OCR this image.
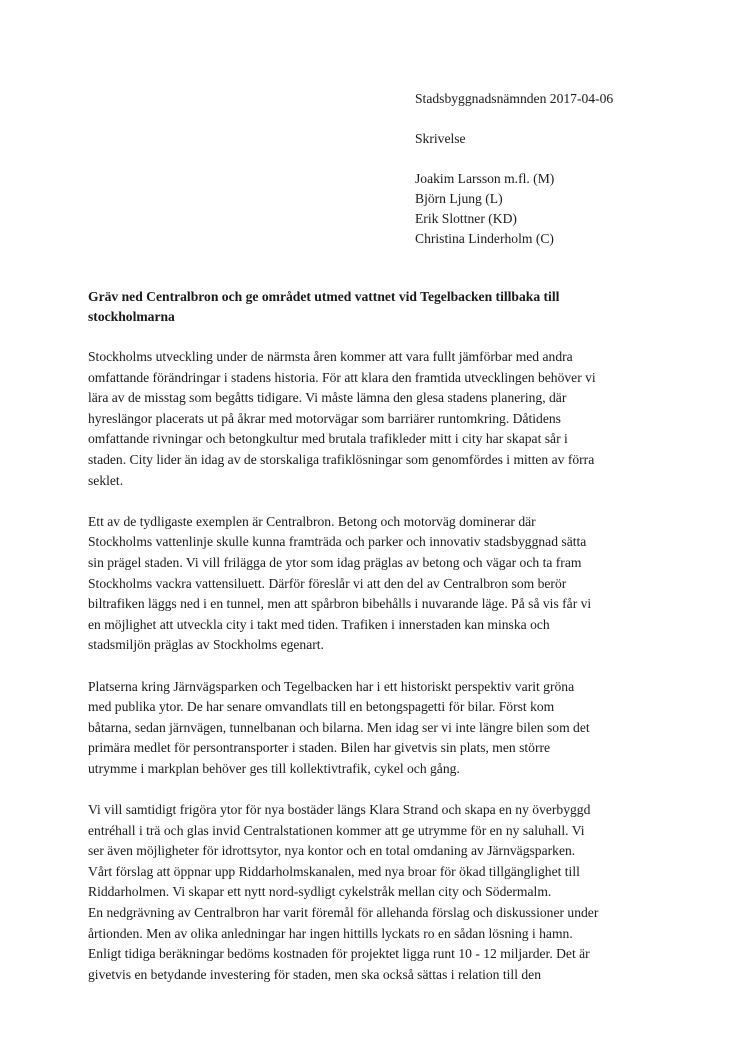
Stadsbyggnadsnämnden 2017-04-06
Skrivelse
Joakim Larsson m.fl. (M)
Björn Ljung (L)
Erik Slottner (KD)
Christina Linderholm (C)
Gräv ned Centralbron och ge området utmed vattnet vid Tegelbacken tillbaka till
stockholmarna
Stockholms utveckling under de närmsta åren kommer att vara fullt jämförbar med andra
omfattande förändringar i stadens historia. För att klara den framtida utvecklingen behöver vi
lära av de misstag som begåtts tidigare. Vi måste lämna den glesa stadens planering, där
hyreslängor placerats ut på åkrar med motorvägar som barriärer runtomkring. Dåtidens
omfattande rivningar och betongkultur med brutala trafikleder mitt i city har skapat sår i
staden. City lider än idag av de storskaliga trafiklösningar som genomfördes i mitten av förra
seklet.
Ett av de tydligaste exemplen är Centralbron. Betong och motorväg dominerar där
Stockholms vattenlinje skulle kunna framträda och parker och innovativ stadsbyggnad sätta
sin prägel staden. Vi vill frilägga de ytor som idag präglas av betong och vägar och ta fram
Stockholms vackra vattensiluett. Därför föreslår vi att den del av Centralbron som berör
biltrafiken läggs ned i en tunnel, men att spårbron bibehålls i nuvarande läge. På så vis får vi
en möjlighet att utveckla city i takt med tiden. Trafiken i innerstaden kan minska och
stadsmiljön präglas av Stockholms egenart.
Platserna kring Järnvägsparken och Tegelbacken har i ett historiskt perspektiv varit gröna
med publika ytor. De har senare omvandlats till en betongspagetti för bilar. Först kom
båtarna, sedan järnvägen, tunnelbanan och bilarna. Men idag ser vi inte längre bilen som det
primära medlet för persontransporter i staden. Bilen har givetvis sin plats, men större
utrymme i markplan behöver ges till kollektivtrafik, cykel och gång.
Vi vill samtidigt frigöra ytor för nya bostäder längs Klara Strand och skapa en ny överbyggd
entréhall i trä och glas invid Centralstationen kommer att ge utrymme för en ny saluhall. Vi
ser även möjligheter för idrottsytor, nya kontor och en total omdaning av Järnvägsparken.
Vårt förslag att öppnar upp Riddarholmskanalen, med nya broar för ökad tillgänglighet till
Riddarholmen. Vi skapar ett nytt nord-sydligt cykelstråk mellan city och Södermalm.
En nedgrävning av Centralbron har varit föremål för allehanda förslag och diskussioner under
årtionden. Men av olika anledningar har ingen hittills lyckats ro en sådan lösning i hamn.
Enligt tidiga beräkningar bedöms kostnaden för projektet ligga runt 10 - 12 miljarder. Det är
givetvis en betydande investering för staden, men ska också sättas i relation till den
